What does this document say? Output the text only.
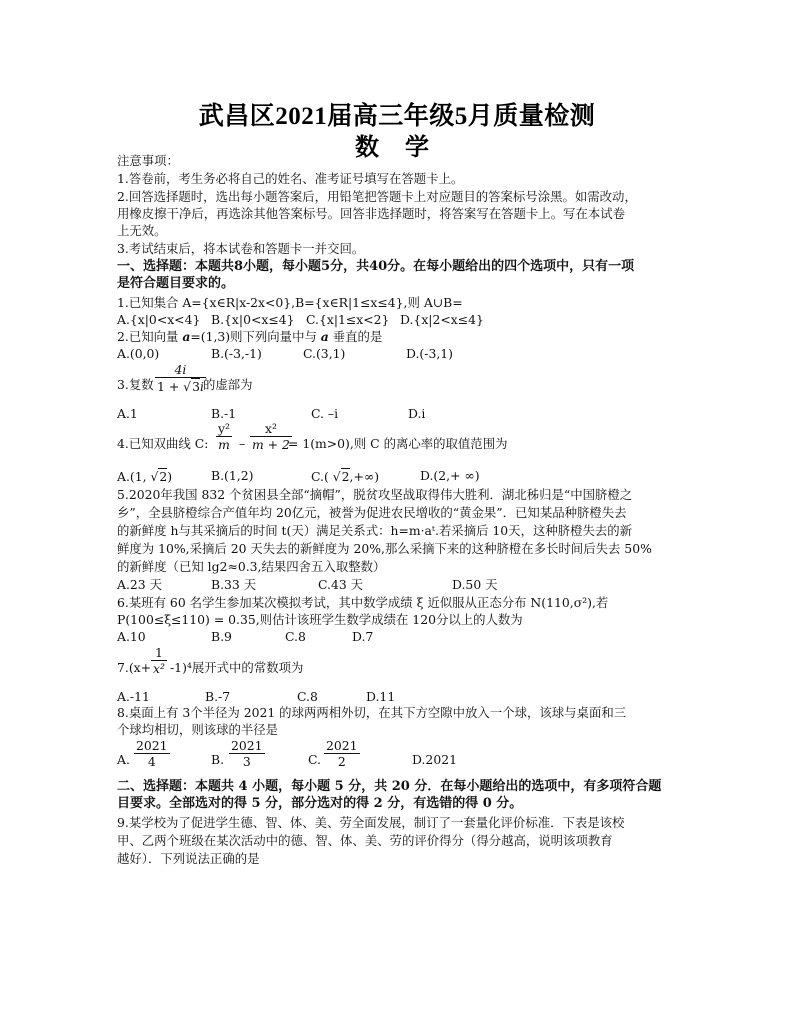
武昌区2021届高三年级5月质量检测
数 学
注意事项：
1.答卷前，考生务必将自己的姓名、准考证号填写在答题卡上。
2.回答选择题时，选出每小题答案后，用铅笔把答题卡上对应题目的答案标号涂黑。如需改动，
用橡皮擦干净后，再选涂其他答案标号。回答非选择题时，将答案写在答题卡上。写在本试卷
上无效。
3.考试结束后，将本试卷和答题卡一并交回。
一、选择题：本题共8小题，每小题5分，共40分。在每小题给出的四个选项中，只有一项
是符合题目要求的。
1.已知集合 A={x∈R|x-2x<0},B={x∈R|1≤x≤4},则 A∪B=
A.{x|0<x<4} B.{x|0<x≤4} C.{x|1≤x<2} D.{x|2<x≤4}
2.已知向量 a=(1,3)则下列向量中与 a 垂直的是
A.(0,0)	B.(-3,-1)	C.(3,1)	D.(-3,1)
3.复数 $\frac{4i}{1 + √3i}$
的虚部为
A.1	B.-1	C. –i	D.i
4.已知双曲线 C: $\frac{\text{y²}}{m} - \frac{\text{x²}}{m + 2}$
= 1(m>0),则 C 的离心率的取值范围为
A.(1, √2)	B.(1,2)	C.( √2,+∞)	D.(2,+ ∞)
5.2020年我国 832 个贫困县全部“摘帽”，脱贫攻坚战取得伟大胜利．湖北秭归是“中国脐橙之
乡”，全县脐橙综合产值年均 20亿元，被誉为促进农民增收的“黄金果”．已知某品种脐橙失去
的新鲜度 h与其采摘后的时间 t(天）满足关系式：h=m·aᵗ.若采摘后 10天，这种脐橙失去的新
鲜度为 10%,采摘后 20 天失去的新鲜度为 20%,那么采摘下来的这种脐橙在多长时间后失去 50%
的新鲜度（已知 lg2≈0.3,结果四舍五入取整数）
A.23 天	B.33 天	C.43 天	D.50 天
6.某班有 60 名学生参加某次模拟考试，其中数学成绩 ξ 近似服从正态分布 N(110,σ²),若
P(100≤ξ≤110) = 0.35,则估计该班学生数学成绩在 120分以上的人数为
A.10	B.9	C.8	D.7
$7.(x+ \frac{1}{\text{x²}} -1)^4$展开式中的常数项为
A.-11	B.-7	C.8	D.11
8.桌面上有 3个半径为 2021 的球两两相外切，在其下方空隙中放入一个球，该球与桌面和三
个球均相切，则该球的半径是
A. $\frac{2021}{4}$	B. $\frac{2021}{3}$	C. $\frac{2021}{2}$	D.2021
二、选择题：本题共 4 小题，每小题 5 分，共 20 分．在每小题给出的选项中，有多项符合题
目要求。全部选对的得 5 分，部分选对的得 2 分，有选错的得 0 分。
9.某学校为了促进学生德、智、体、美、劳全面发展，制订了一套量化评价标准．下表是该校
甲、乙两个班级在某次活动中的德、智、体、美、劳的评价得分（得分越高，说明该项教育
越好）．下列说法正确的是
